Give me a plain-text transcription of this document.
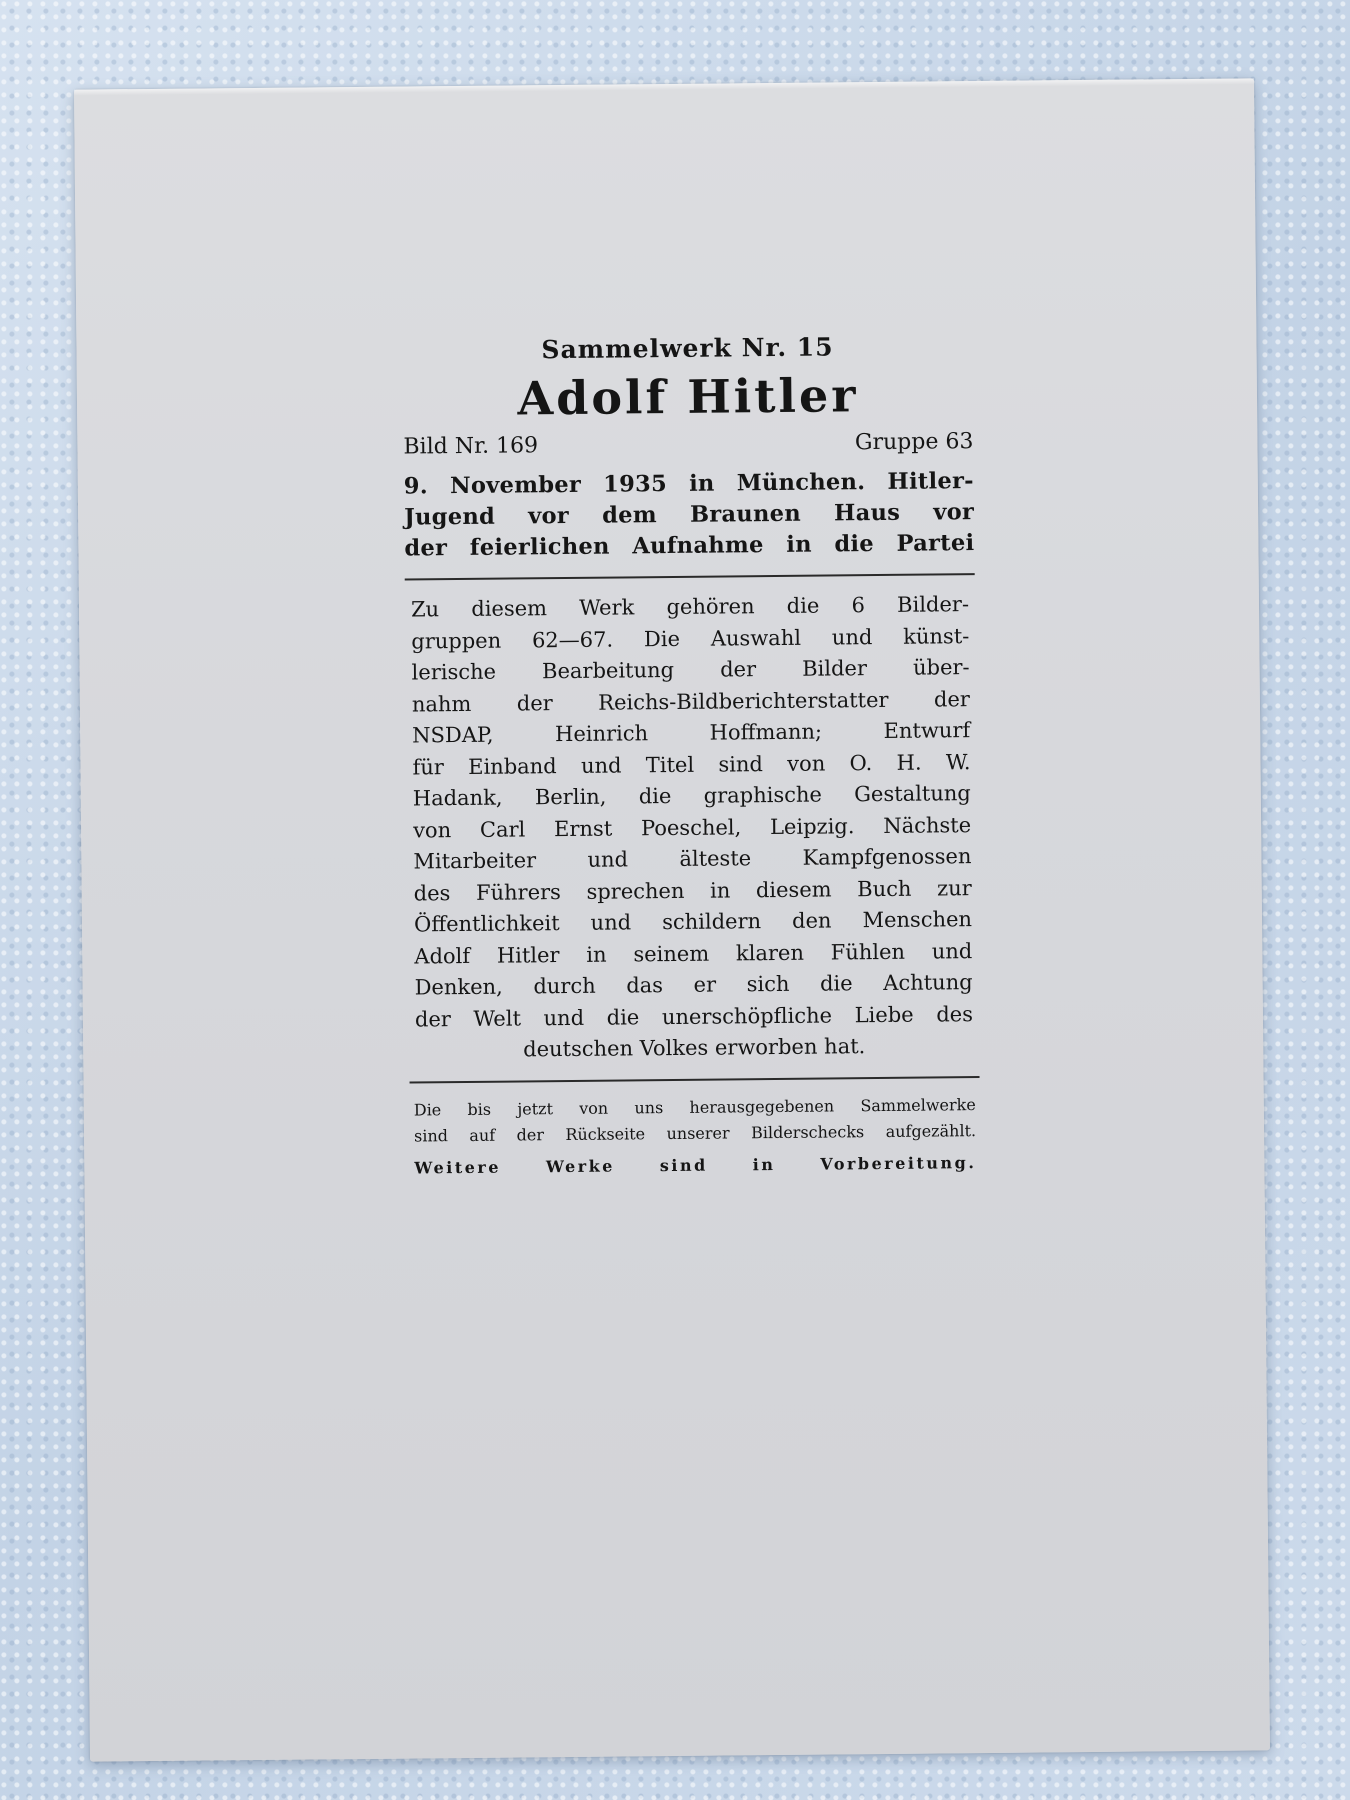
Sammelwerk Nr. 15
Adolf Hitler
Bild Nr. 169	Gruppe 63
9. November 1935 in München. Hitler-
Jugend vor dem Braunen Haus vor
der feierlichen Aufnahme in die Partei
Zu diesem Werk gehören die 6 Bilder-
gruppen 62—67. Die Auswahl und künst-
lerische Bearbeitung der Bilder über-
nahm der Reichs-Bildberichterstatter der
NSDAP, Heinrich Hoffmann; Entwurf
für Einband und Titel sind von O. H. W.
Hadank, Berlin, die graphische Gestaltung
von Carl Ernst Poeschel, Leipzig. Nächste
Mitarbeiter und älteste Kampfgenossen
des Führers sprechen in diesem Buch zur
Öffentlichkeit und schildern den Menschen
Adolf Hitler in seinem klaren Fühlen und
Denken, durch das er sich die Achtung
der Welt und die unerschöpfliche Liebe des
deutschen Volkes erworben hat.
Die bis jetzt von uns herausgegebenen Sammelwerke
sind auf der Rückseite unserer Bilderschecks aufgezählt.
Weitere Werke sind in Vorbereitung.
